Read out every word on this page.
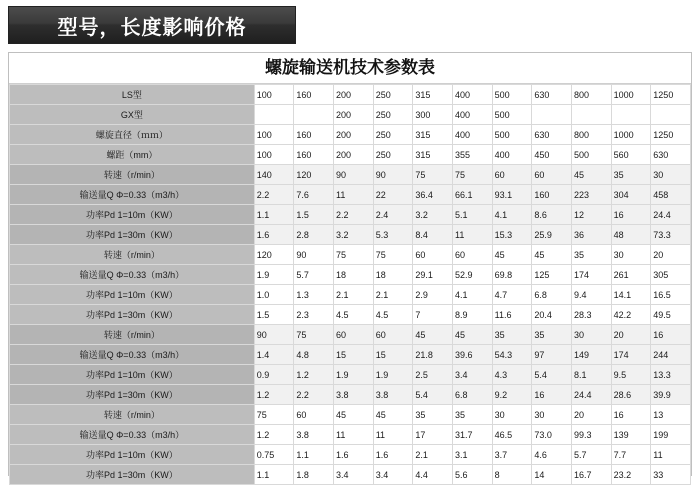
型号，长度影响价格
螺旋输送机技术参数表
LS型	100	160	200	250	315	400	500	630	800	1000	1250
GX型			200	250	300	400	500				
螺旋直径（ｍｍ）	100	160	200	250	315	400	500	630	800	1000	1250
螺距（mm）	100	160	200	250	315	355	400	450	500	560	630
转速（r/min）	140	120	90	90	75	75	60	60	45	35	30
输送量Q Φ=0.33（m3/h）	2.2	7.6	11	22	36.4	66.1	93.1	160	223	304	458
功率Pd 1=10m（KW）	1.1	1.5	2.2	2.4	3.2	5.1	4.1	8.6	12	16	24.4
功率Pd 1=30m（KW）	1.6	2.8	3.2	5.3	8.4	11	15.3	25.9	36	48	73.3
转速（r/min）	120	90	75	75	60	60	45	45	35	30	20
输送量Q Φ=0.33（m3/h）	1.9	5.7	18	18	29.1	52.9	69.8	125	174	261	305
功率Pd 1=10m（KW）	1.0	1.3	2.1	2.1	2.9	4.1	4.7	6.8	9.4	14.1	16.5
功率Pd 1=30m（KW）	1.5	2.3	4.5	4.5	7	8.9	11.6	20.4	28.3	42.2	49.5
转速（r/min）	90	75	60	60	45	45	35	35	30	20	16
输送量Q Φ=0.33（m3/h）	1.4	4.8	15	15	21.8	39.6	54.3	97	149	174	244
功率Pd 1=10m（KW）	0.9	1.2	1.9	1.9	2.5	3.4	4.3	5.4	8.1	9.5	13.3
功率Pd 1=30m（KW）	1.2	2.2	3.8	3.8	5.4	6.8	9.2	16	24.4	28.6	39.9
转速（r/min）	75	60	45	45	35	35	30	30	20	16	13
输送量Q Φ=0.33（m3/h）	1.2	3.8	11	11	17	31.7	46.5	73.0	99.3	139	199
功率Pd 1=10m（KW）	0.75	1.1	1.6	1.6	2.1	3.1	3.7	4.6	5.7	7.7	11
功率Pd 1=30m（KW）	1.1	1.8	3.4	3.4	4.4	5.6	8	14	16.7	23.2	33
